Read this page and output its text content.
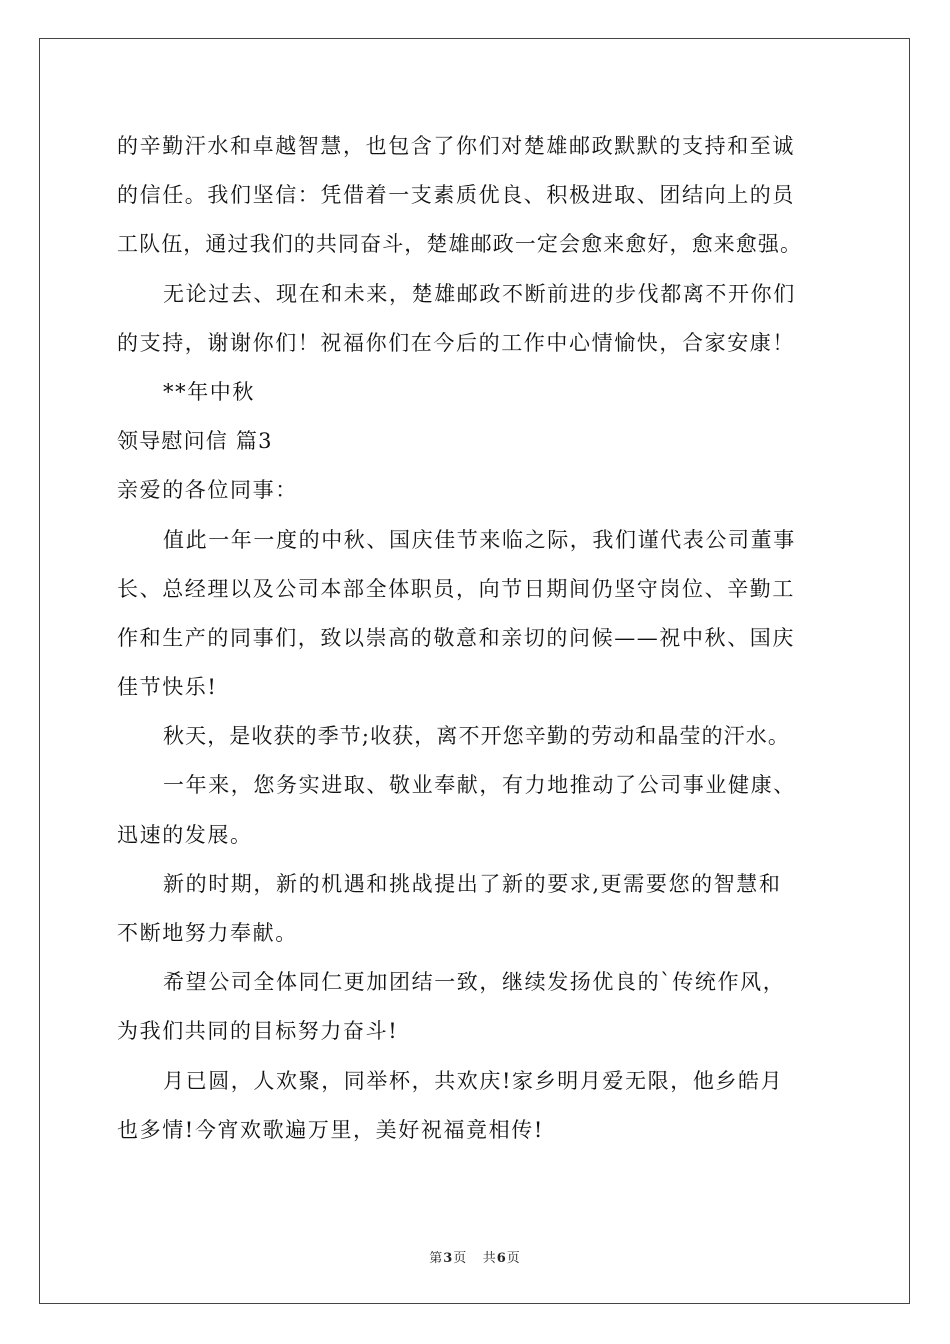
的辛勤汗水和卓越智慧，也包含了你们对楚雄邮政默默的支持和至诚
的信任。我们坚信：凭借着一支素质优良、积极进取、团结向上的员
工队伍，通过我们的共同奋斗，楚雄邮政一定会愈来愈好，愈来愈强。
无论过去、现在和未来，楚雄邮政不断前进的步伐都离不开你们
的支持，谢谢你们！祝福你们在今后的工作中心情愉快，合家安康！
**年中秋
领导慰问信 篇3
亲爱的各位同事：
值此一年一度的中秋、国庆佳节来临之际，我们谨代表公司董事
长、总经理以及公司本部全体职员，向节日期间仍坚守岗位、辛勤工
作和生产的同事们，致以崇高的敬意和亲切的问候——祝中秋、国庆
佳节快乐!
秋天，是收获的季节;收获，离不开您辛勤的劳动和晶莹的汗水。
一年来，您务实进取、敬业奉献，有力地推动了公司事业健康、
迅速的发展。
新的时期，新的机遇和挑战提出了新的要求,更需要您的智慧和
不断地努力奉献。
希望公司全体同仁更加团结一致，继续发扬优良的`传统作风，
为我们共同的目标努力奋斗!
月已圆，人欢聚，同举杯，共欢庆!家乡明月爱无限，他乡皓月
也多情!今宵欢歌遍万里，美好祝福竟相传!
第3页 共6页
